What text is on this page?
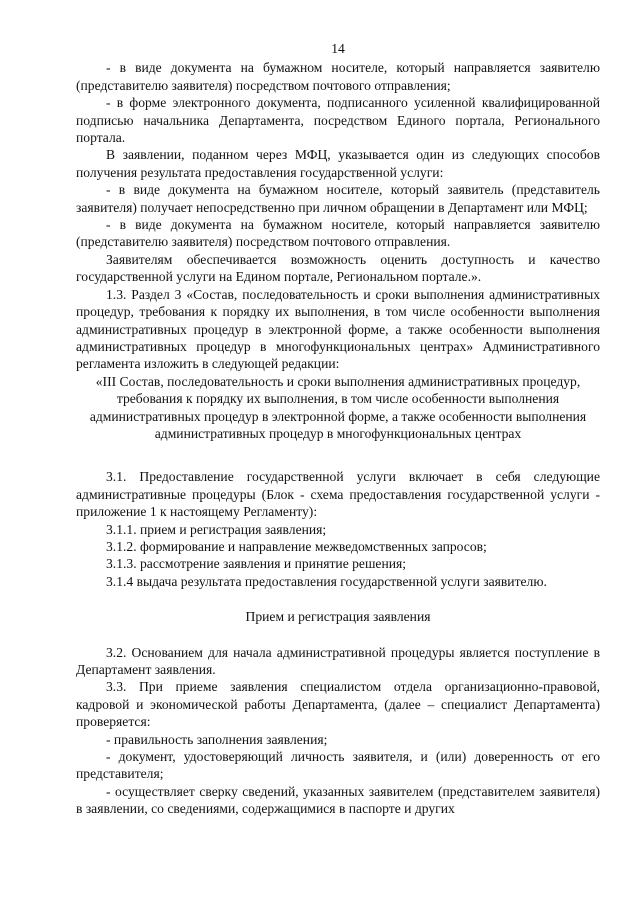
14

- в виде документа на бумажном носителе, который направляется заявителю (представителю заявителя) посредством почтового отправления;

- в форме электронного документа, подписанного усиленной квалифицированной подписью начальника Департамента, посредством Единого портала, Регионального портала.

В заявлении, поданном через МФЦ, указывается один из следующих способов получения результата предоставления государственной услуги:

- в виде документа на бумажном носителе, который заявитель (представитель заявителя) получает непосредственно при личном обращении в Департамент или МФЦ;

- в виде документа на бумажном носителе, который направляется заявителю (представителю заявителя) посредством почтового отправления.

Заявителям обеспечивается возможность оценить доступность и качество государственной услуги на Едином портале, Региональном портале.».

1.3. Раздел 3 «Состав, последовательность и сроки выполнения административных процедур, требования к порядку их выполнения, в том числе особенности выполнения административных процедур в электронной форме, а также особенности выполнения административных процедур в многофункциональных центрах» Административного регламента изложить в следующей редакции:

«III Состав, последовательность и сроки выполнения административных процедур, требования к порядку их выполнения, в том числе особенности выполнения административных процедур в электронной форме, а также особенности выполнения административных процедур в многофункциональных центрах

3.1. Предоставление государственной услуги включает в себя следующие административные процедуры (Блок - схема предоставления государственной услуги - приложение 1 к настоящему Регламенту):

3.1.1. прием и регистрация заявления;

3.1.2. формирование и направление межведомственных запросов;

3.1.3. рассмотрение заявления и принятие решения;

3.1.4 выдача результата предоставления государственной услуги заявителю.

Прием и регистрация заявления

3.2. Основанием для начала административной процедуры является поступление в Департамент заявления.

3.3. При приеме заявления специалистом отдела организационно-правовой, кадровой и экономической работы Департамента, (далее – специалист Департамента) проверяется:

- правильность заполнения заявления;

- документ, удостоверяющий личность заявителя, и (или) доверенность от его представителя;

- осуществляет сверку сведений, указанных заявителем (представителем заявителя) в заявлении, со сведениями, содержащимися в паспорте и других
